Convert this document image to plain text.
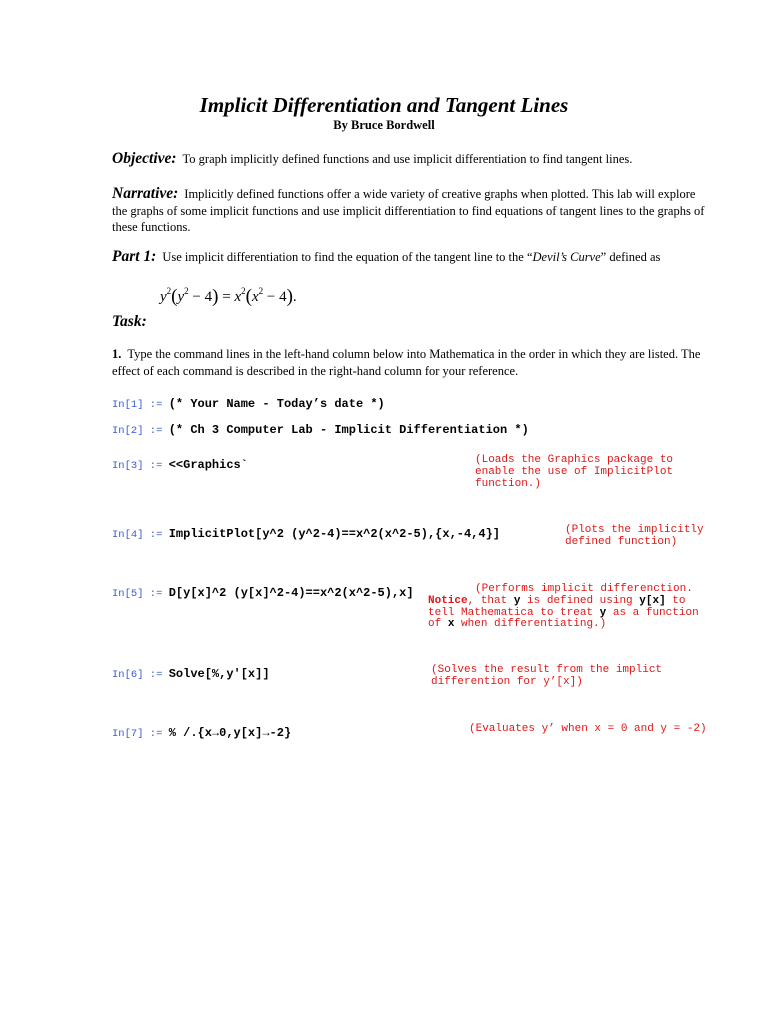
Implicit Differentiation and Tangent Lines
By Bruce Bordwell
Objective: To graph implicitly defined functions and use implicit differentiation to find tangent lines.
Narrative: Implicitly defined functions offer a wide variety of creative graphs when plotted. This lab will explore the graphs of some implicit functions and use implicit differentiation to find equations of tangent lines to the graphs of these functions.
Part 1: Use implicit differentiation to find the equation of the tangent line to the “Devil’s Curve” defined as
$y^2(y^2 - 4) = x^2(x^2 - 4)$.
Task:
1. Type the command lines in the left-hand column below into Mathematica in the order in which they are listed. The effect of each command is described in the right-hand column for your reference.
In[1] := (* Your Name - Today’s date *)
In[2] := (* Ch 3 Computer Lab - Implicit Differentiation *)
In[3] := <<Graphics`
In[4] := ImplicitPlot[y^2 (y^2-4)==x^2(x^2-5),{x,-4,4}]
In[5] := D[y[x]^2 (y[x]^2-4)==x^2(x^2-5),x]
In[6] := Solve[%,y'[x]]
In[7] := % /.{x→0,y[x]→-2}
(Loads the Graphics package to
enable the use of ImplicitPlot
function.)
(Plots the implicitly
defined function)
(Performs implicit differenction.
Notice, that y is defined using y[x] to
tell Mathematica to treat y as a function
of x when differentiating.)
(Solves the result from the implict
differention for y’[x])
(Evaluates y’ when x = 0 and y = -2)
